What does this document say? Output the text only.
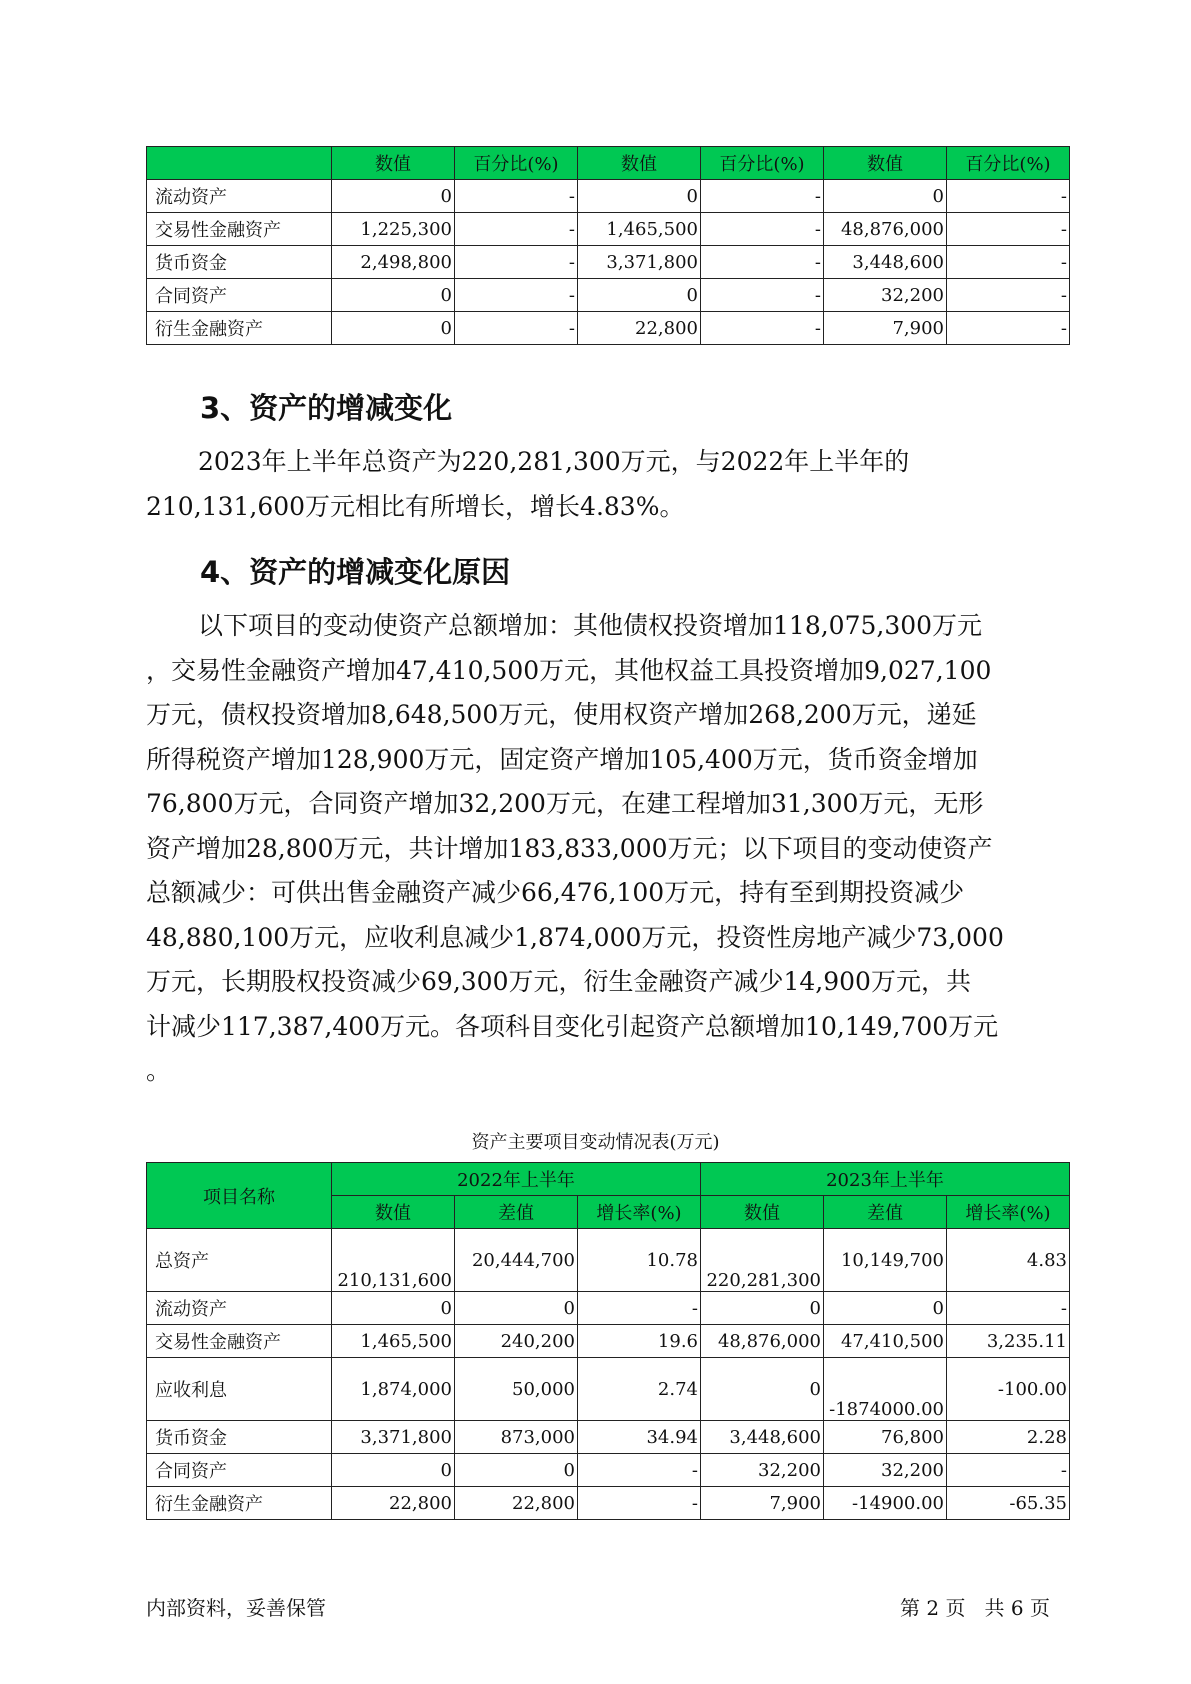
	数值	百分比(%)	数值	百分比(%)	数值	百分比(%)
流动资产	0	-	0	-	0	-
交易性金融资产	1,225,300	-	1,465,500	-	48,876,000	-
货币资金	2,498,800	-	3,371,800	-	3,448,600	-
合同资产	0	-	0	-	32,200	-
衍生金融资产	0	-	22,800	-	7,900	-
3、资产的增减变化
2023年上半年总资产为220,281,300万元，与2022年上半年的
210,131,600万元相比有所增长，增长4.83%。
4、资产的增减变化原因
以下项目的变动使资产总额增加：其他债权投资增加118,075,300万元
，交易性金融资产增加47,410,500万元，其他权益工具投资增加9,027,100
万元，债权投资增加8,648,500万元，使用权资产增加268,200万元，递延
所得税资产增加128,900万元，固定资产增加105,400万元，货币资金增加
76,800万元，合同资产增加32,200万元，在建工程增加31,300万元，无形
资产增加28,800万元，共计增加183,833,000万元；以下项目的变动使资产
总额减少：可供出售金融资产减少66,476,100万元，持有至到期投资减少
48,880,100万元，应收利息减少1,874,000万元，投资性房地产减少73,000
万元，长期股权投资减少69,300万元，衍生金融资产减少14,900万元，共
计减少117,387,400万元。各项科目变化引起资产总额增加10,149,700万元
。
资产主要项目变动情况表(万元)
项目名称	2022年上半年			2023年上半年		
	数值	差值	增长率(%)	数值	差值	增长率(%)
总资产	210,131,600	20,444,700	10.78	220,281,300	10,149,700	4.83
流动资产	0	0	-	0	0	-
交易性金融资产	1,465,500	240,200	19.6	48,876,000	47,410,500	3,235.11
应收利息	1,874,000	50,000	2.74	0	-1874000.00	-100.00
货币资金	3,371,800	873,000	34.94	3,448,600	76,800	2.28
合同资产	0	0	-	32,200	32,200	-
衍生金融资产	22,800	22,800	-	7,900	-14900.00	-65.35
内部资料，妥善保管	第 2 页   共 6 页
